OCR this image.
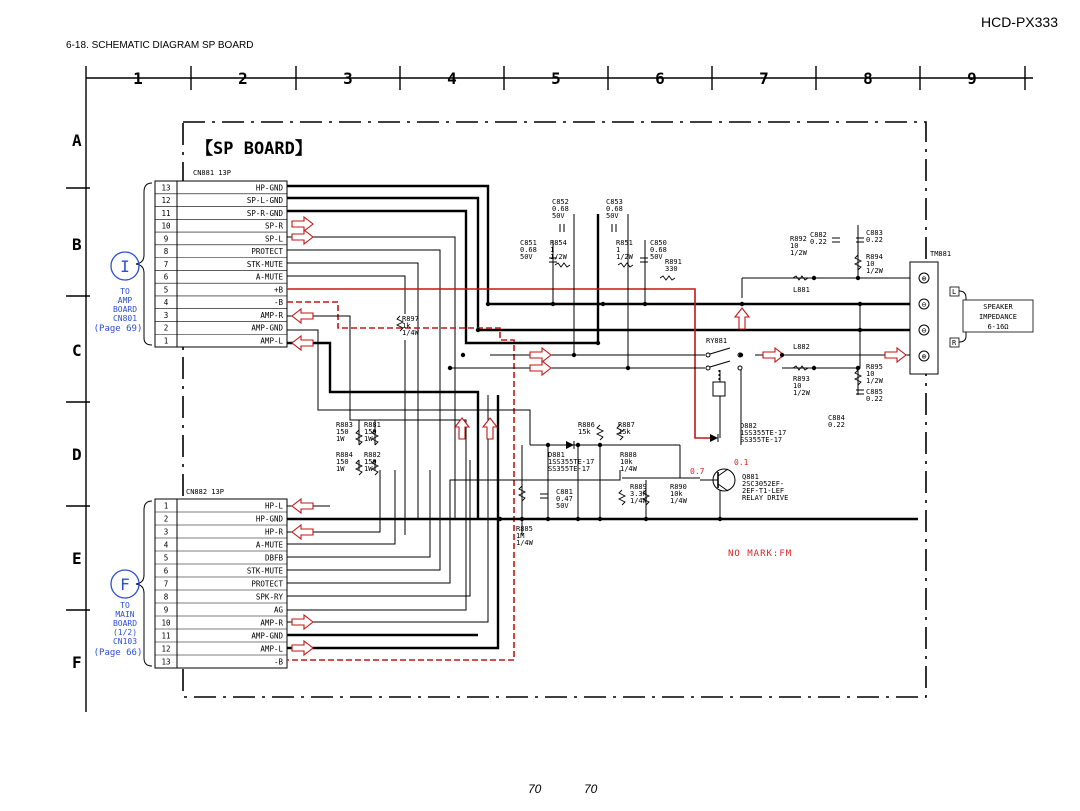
HCD-PX333
6-18. SCHEMATIC DIAGRAM SP BOARD
70	70
1	2	3	4	5	6	7	8	9
A
B
C
D
E
F
【SP BOARD】
CN881 13P
13	HP-GND
12	SP-L-GND
11	SP-R-GND
10	SP-R
9	SP-L
8	PROTECT
7	STK-MUTE
6	A-MUTE
5	+B
4	-B
3	AMP-R
2	AMP-GND
1	AMP-L
CN882 13P
1	HP-L
2	HP-GND
3	HP-R
4	A-MUTE
5	DBFB
6	STK-MUTE
7	PROTECT
8	SPK-RY
9	AG
10	AMP-R
11	AMP-GND
12	AMP-L
13	-B
I
TO
AMP
BOARD
CN801
(Page 69)
F
TO
MAIN
BOARD
(1/2)
CN103
(Page 66)
TM881
⊕
⊖
⊖
⊕
L
R
SPEAKER
IMPEDANCE
6-16Ω
RY881
0.7
0.1
C852
0.68
50V
C853
0.68
50V
C851
0.68
50V
R854
1
1/2W
R851
1
1/2W
C850
0.68
50V
R892
10
1/2W
C882
0.22
C883
0.22
R894
10
1/2W
R891
330
L881
L882
R895
10
1/2W
R893
10
1/2W	C885
0.22
C884
0.22
R897
1k
1/4W
R883
150
1W
R881
150
1W
R884
150
1W
R882
150
1W
R886
15k
R887
15k
D881
1SS355TE-17
SS355TE-17
R888
10k
1/4W
C881
0.47
50V
R889
3.3k
1/4W
R890
10k
1/4W
R885
1M
1/4W
D882
1SS355TE-17
SS355TE-17
Q881
2SC3052EF-
2EF-T1-LEF
RELAY DRIVE
NO MARK:FM
